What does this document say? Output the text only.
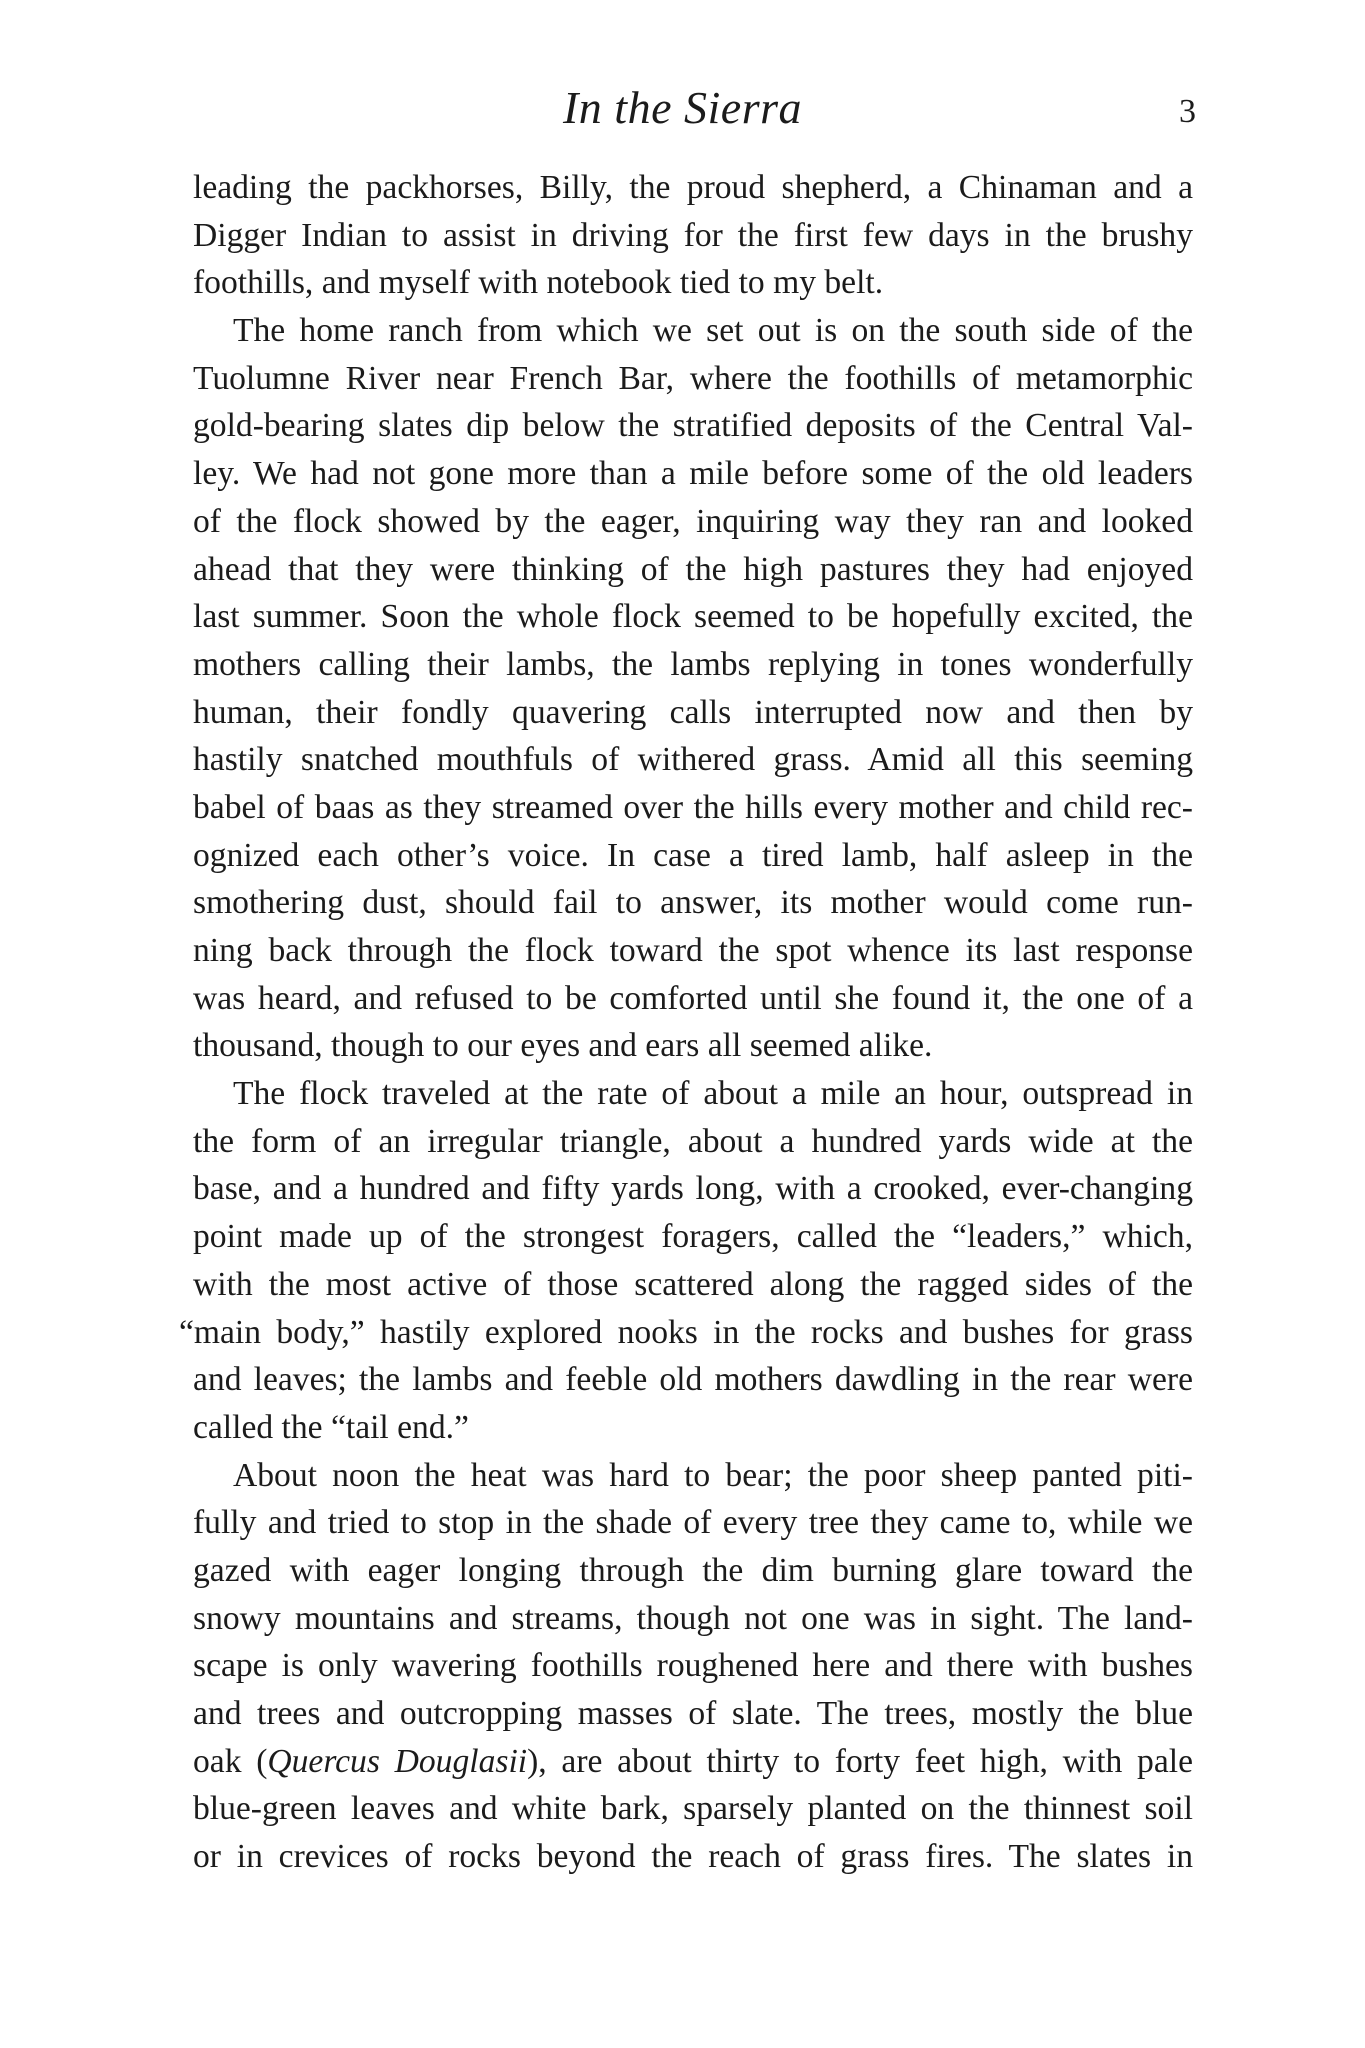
In the Sierra	3
leading the packhorses, Billy, the proud shepherd, a Chinaman and a
Digger Indian to assist in driving for the first few days in the brushy
foothills, and myself with notebook tied to my belt.
The home ranch from which we set out is on the south side of the
Tuolumne River near French Bar, where the foothills of metamorphic
gold-bearing slates dip below the stratified deposits of the Central Val-
ley. We had not gone more than a mile before some of the old leaders
of the flock showed by the eager, inquiring way they ran and looked
ahead that they were thinking of the high pastures they had enjoyed
last summer. Soon the whole flock seemed to be hopefully excited, the
mothers calling their lambs, the lambs replying in tones wonderfully
human, their fondly quavering calls interrupted now and then by
hastily snatched mouthfuls of withered grass. Amid all this seeming
babel of baas as they streamed over the hills every mother and child rec-
ognized each other’s voice. In case a tired lamb, half asleep in the
smothering dust, should fail to answer, its mother would come run-
ning back through the flock toward the spot whence its last response
was heard, and refused to be comforted until she found it, the one of a
thousand, though to our eyes and ears all seemed alike.
The flock traveled at the rate of about a mile an hour, outspread in
the form of an irregular triangle, about a hundred yards wide at the
base, and a hundred and fifty yards long, with a crooked, ever-changing
point made up of the strongest foragers, called the “leaders,” which,
with the most active of those scattered along the ragged sides of the
“main body,” hastily explored nooks in the rocks and bushes for grass
and leaves; the lambs and feeble old mothers dawdling in the rear were
called the “tail end.”
About noon the heat was hard to bear; the poor sheep panted piti-
fully and tried to stop in the shade of every tree they came to, while we
gazed with eager longing through the dim burning glare toward the
snowy mountains and streams, though not one was in sight. The land-
scape is only wavering foothills roughened here and there with bushes
and trees and outcropping masses of slate. The trees, mostly the blue
oak (Quercus Douglasii), are about thirty to forty feet high, with pale
blue-green leaves and white bark, sparsely planted on the thinnest soil
or in crevices of rocks beyond the reach of grass fires. The slates in
